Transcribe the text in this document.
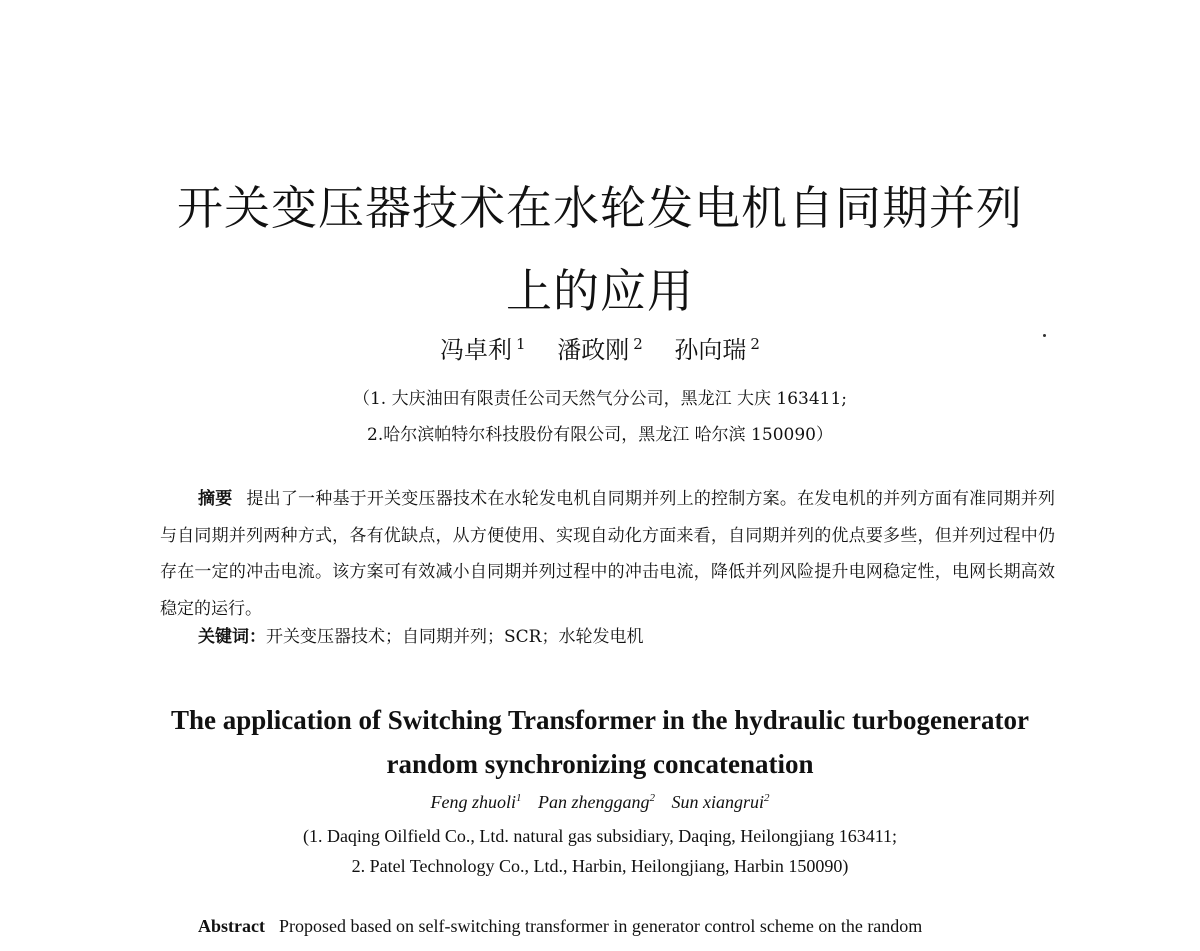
开关变压器技术在水轮发电机自同期并列
上的应用
冯卓利 $^1$ 潘政刚 $^2$ 孙向瑞 $^2$
（1. 大庆油田有限责任公司天然气分公司，黑龙江 大庆 163411;
2.哈尔滨帕特尔科技股份有限公司，黑龙江 哈尔滨 150090）
摘要 提出了一种基于开关变压器技术在水轮发电机自同期并列上的控制方案。在发电机的并列方面有准同期并列与自同期并列两种方式，各有优缺点，从方便使用、实现自动化方面来看，自同期并列的优点要多些，但并列过程中仍存在一定的冲击电流。该方案可有效减小自同期并列过程中的冲击电流，降低并列风险提升电网稳定性，电网长期高效稳定的运行。
关键词：开关变压器技术；自同期并列；SCR；水轮发电机
The application of Switching Transformer in the hydraulic turbogenerator
random synchronizing concatenation
Feng zhuoli$^1$ Pan zhenggang$^2$ Sun xiangrui$^2$
(1. Daqing Oilfield Co., Ltd. natural gas subsidiary, Daqing, Heilongjiang 163411;
2. Patel Technology Co., Ltd., Harbin, Heilongjiang, Harbin 150090)
Abstract Proposed based on self-switching transformer in generator control scheme on the random
